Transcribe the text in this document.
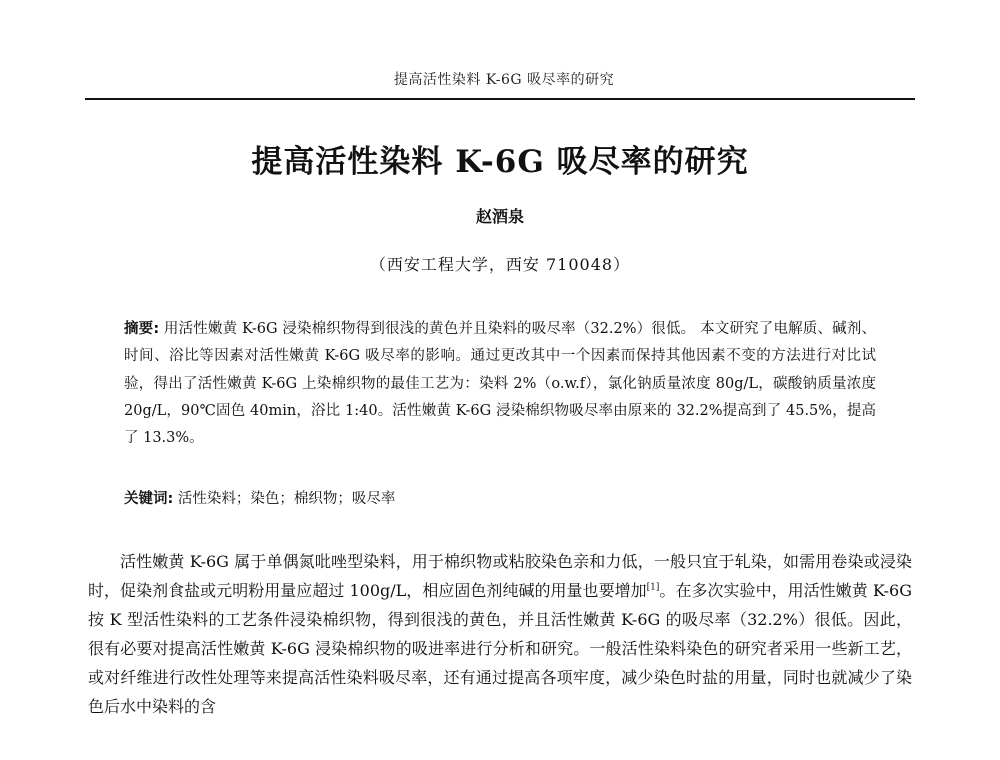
提高活性染料 K-6G 吸尽率的研究
提高活性染料 K-6G 吸尽率的研究
赵酒泉
（西安工程大学，西安 710048）
摘要: 用活性嫩黄 K-6G 浸染棉织物得到很浅的黄色并且染料的吸尽率（32.2%）很低。 本文研究了电解质、碱剂、时间、浴比等因素对活性嫩黄 K-6G 吸尽率的影响。通过更改其中一个因素而保持其他因素不变的方法进行对比试验，得出了活性嫩黄 K-6G 上染棉织物的最佳工艺为：染料 2%（o.w.f），氯化钠质量浓度 80g/L，碳酸钠质量浓度 20g/L，90℃固色 40min，浴比 1:40。活性嫩黄 K-6G 浸染棉织物吸尽率由原来的 32.2%提高到了 45.5%，提高了 13.3%。
关键词: 活性染料；染色；棉织物；吸尽率
活性嫩黄 K-6G 属于单偶氮吡唑型染料，用于棉织物或粘胶染色亲和力低，一般只宜于轧染，如需用卷染或浸染时，促染剂食盐或元明粉用量应超过 100g/L，相应固色剂纯碱的用量也要增加[1]。在多次实验中，用活性嫩黄 K-6G 按 K 型活性染料的工艺条件浸染棉织物，得到很浅的黄色，并且活性嫩黄 K-6G 的吸尽率（32.2%）很低。因此，很有必要对提高活性嫩黄 K-6G 浸染棉织物的吸进率进行分析和研究。一般活性染料染色的研究者采用一些新工艺，或对纤维进行改性处理等来提高活性染料吸尽率，还有通过提高各项牢度，减少染色时盐的用量，同时也就减少了染色后水中染料的含
